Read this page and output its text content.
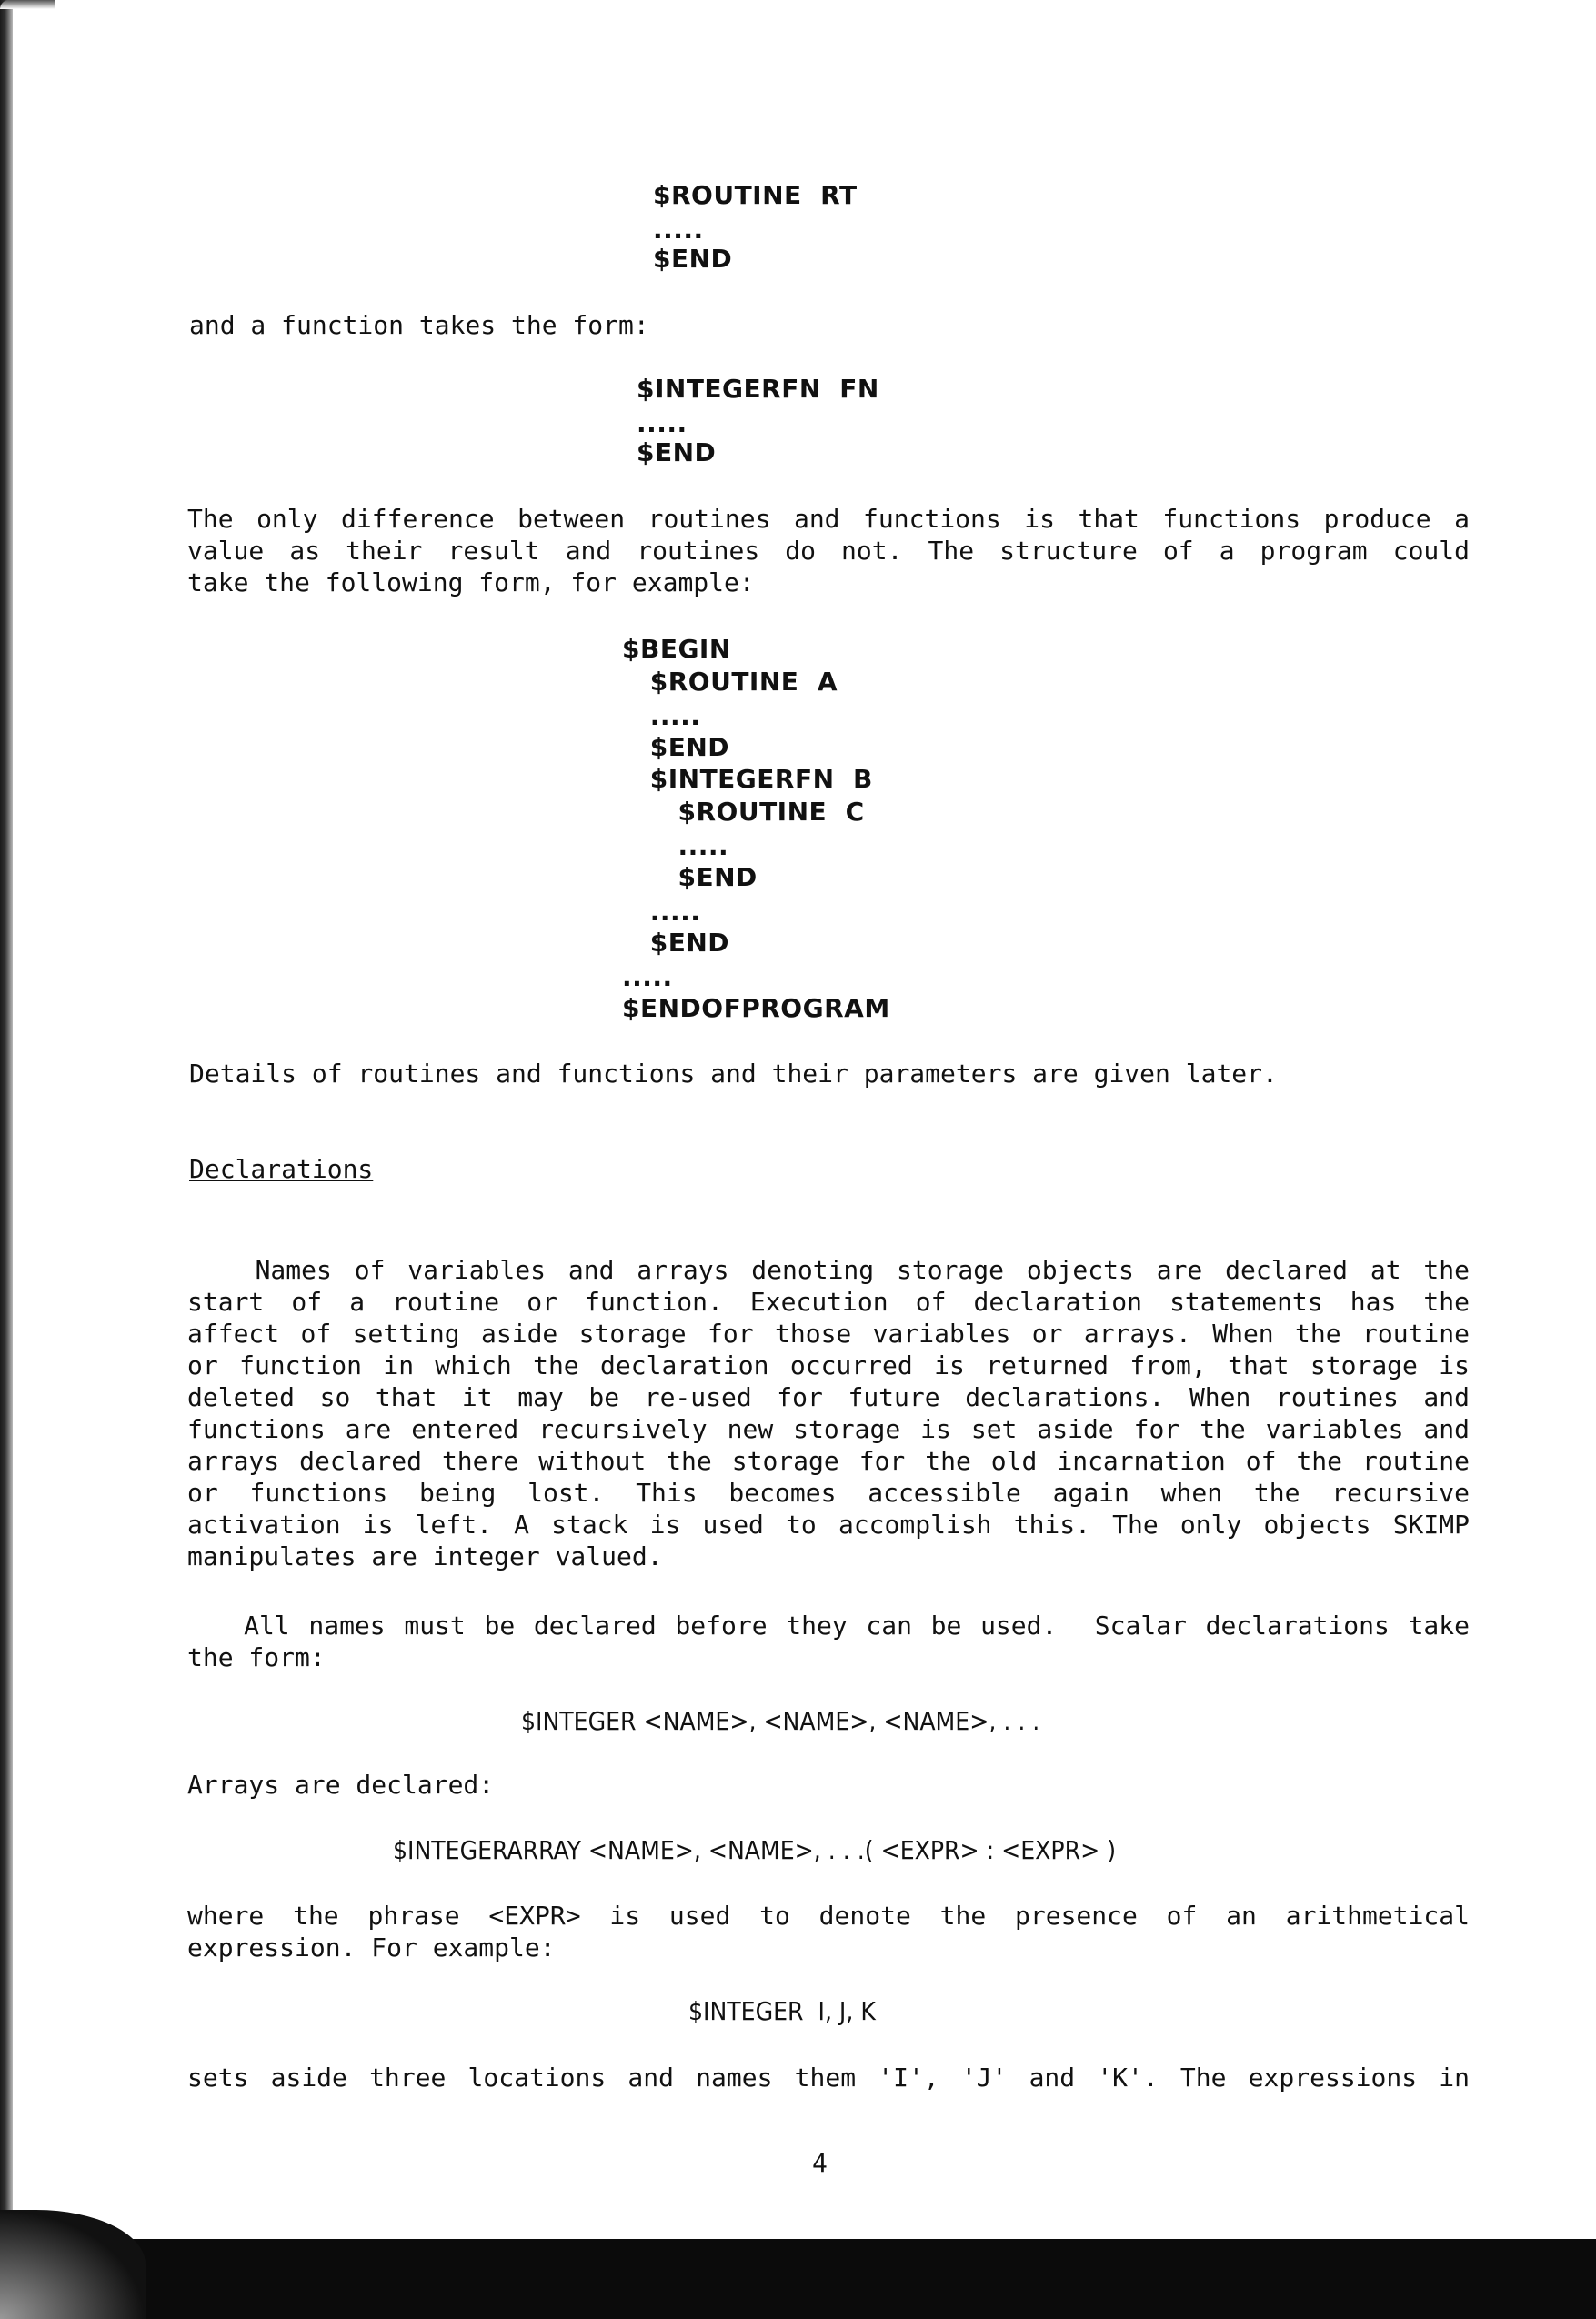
$ROUTINE  RT
.....
$END
and a function takes the form:
$INTEGERFN  FN
.....
$END
The only difference between routines and functions is that functions produce a
value as their result and routines do not. The structure of a program could
take the following form, for example:
$BEGIN
$ROUTINE  A
.....
$END
$INTEGERFN  B
$ROUTINE  C
.....
$END
.....
$END
.....
$ENDOFPROGRAM
Details of routines and functions and their parameters are given later.
Declarations
Names of variables and arrays denoting storage objects are declared at the
start of a routine or function. Execution of declaration statements has the
affect of setting aside storage for those variables or arrays. When the routine
or function in which the declaration occurred is returned from, that storage is
deleted so that it may be re-used for future declarations. When routines and
functions are entered recursively new storage is set aside for the variables and
arrays declared there without the storage for the old incarnation of the routine
or functions being lost. This becomes accessible again when the recursive
activation is left. A stack is used to accomplish this. The only objects SKIMP
manipulates are integer valued.
All names must be declared before they can be used.  Scalar declarations take
the form:
$INTEGER <NAME>, <NAME>, <NAME>, . . .
Arrays are declared:
$INTEGERARRAY <NAME>, <NAME>, . . .( <EXPR> : <EXPR> )
where the phrase <EXPR> is used to denote the presence of an arithmetical
expression. For example:
$INTEGER  I, J, K
sets aside three locations and names them 'I', 'J' and 'K'. The expressions in
4
